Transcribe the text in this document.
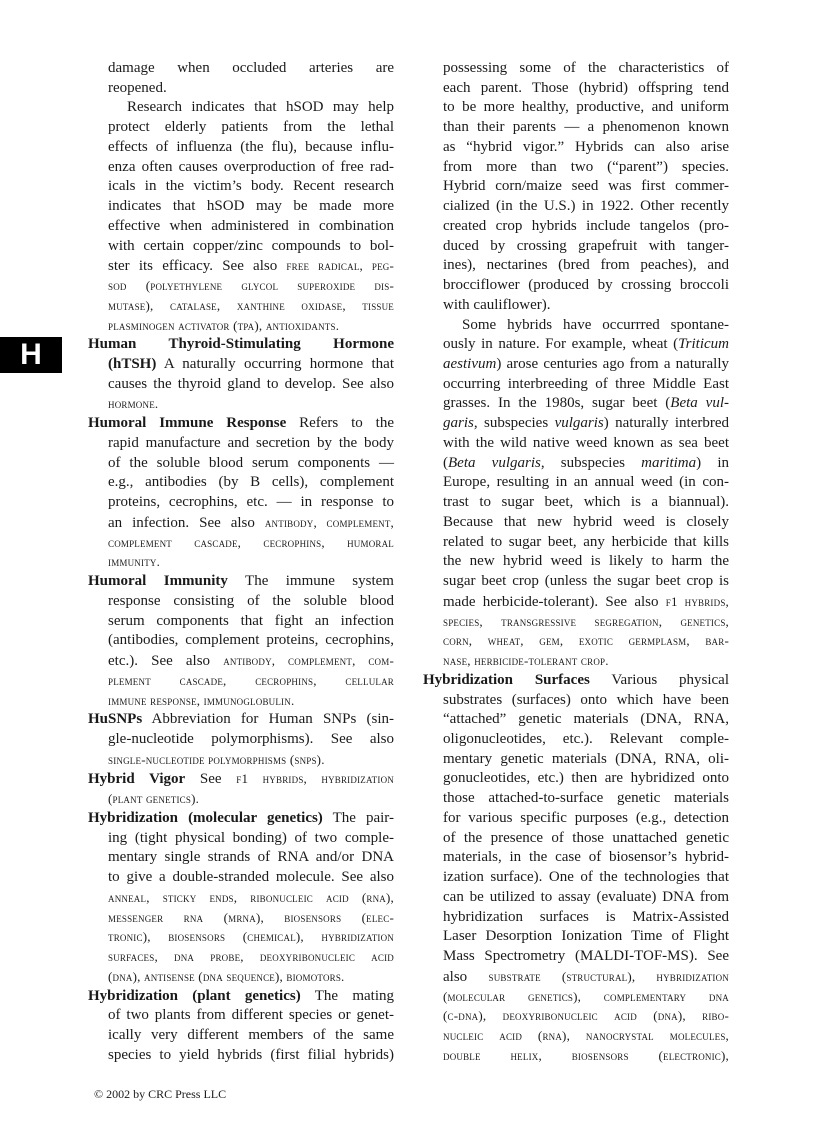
H
damage when occluded arteries are
reopened.
Research indicates that hSOD may help
protect elderly patients from the lethal
effects of influenza (the flu), because influ-
enza often causes overproduction of free rad-
icals in the victim’s body. Recent research
indicates that hSOD may be made more
effective when administered in combination
with certain copper/zinc compounds to bol-
ster its efficacy. See also free radical, peg-
sod (polyethylene glycol superoxide dis-
mutase), catalase, xanthine oxidase, tissue
plasminogen activator (tpa), antioxidants.
Human Thyroid-Stimulating Hormone
(hTSH) A naturally occurring hormone that
causes the thyroid gland to develop. See also
hormone.
Humoral Immune Response Refers to the
rapid manufacture and secretion by the body
of the soluble blood serum components —
e.g., antibodies (by B cells), complement
proteins, cecrophins, etc. — in response to
an infection. See also antibody, complement,
complement cascade, cecrophins, humoral
immunity.
Humoral Immunity The immune system
response consisting of the soluble blood
serum components that fight an infection
(antibodies, complement proteins, cecrophins,
etc.). See also antibody, complement, com-
plement cascade, cecrophins, cellular
immune response, immunoglobulin.
HuSNPs Abbreviation for Human SNPs (sin-
gle-nucleotide polymorphisms). See also
single-nucleotide polymorphisms (snps).
Hybrid Vigor See f1 hybrids, hybridization
(plant genetics).
Hybridization (molecular genetics) The pair-
ing (tight physical bonding) of two comple-
mentary single strands of RNA and/or DNA
to give a double-stranded molecule. See also
anneal, sticky ends, ribonucleic acid (rna),
messenger rna (mrna), biosensors (elec-
tronic), biosensors (chemical), hybridization
surfaces, dna probe, deoxyribonucleic acid
(dna), antisense (dna sequence), biomotors.
Hybridization (plant genetics) The mating
of two plants from different species or genet-
ically very different members of the same
species to yield hybrids (first filial hybrids)
possessing some of the characteristics of
each parent. Those (hybrid) offspring tend
to be more healthy, productive, and uniform
than their parents — a phenomenon known
as “hybrid vigor.” Hybrids can also arise
from more than two (“parent”) species.
Hybrid corn/maize seed was first commer-
cialized (in the U.S.) in 1922. Other recently
created crop hybrids include tangelos (pro-
duced by crossing grapefruit with tanger-
ines), nectarines (bred from peaches), and
brocciflower (produced by crossing broccoli
with cauliflower).
Some hybrids have occurrred spontane-
ously in nature. For example, wheat (Triticum
aestivum) arose centuries ago from a naturally
occurring interbreeding of three Middle East
grasses. In the 1980s, sugar beet (Beta vul-
garis, subspecies vulgaris) naturally interbred
with the wild native weed known as sea beet
(Beta vulgaris, subspecies maritima) in
Europe, resulting in an annual weed (in con-
trast to sugar beet, which is a biannual).
Because that new hybrid weed is closely
related to sugar beet, any herbicide that kills
the new hybrid weed is likely to harm the
sugar beet crop (unless the sugar beet crop is
made herbicide-tolerant). See also f1 hybrids,
species, transgressive segregation, genetics,
corn, wheat, gem, exotic germplasm, bar-
nase, herbicide-tolerant crop.
Hybridization Surfaces Various physical
substrates (surfaces) onto which have been
“attached” genetic materials (DNA, RNA,
oligonucleotides, etc.). Relevant comple-
mentary genetic materials (DNA, RNA, oli-
gonucleotides, etc.) then are hybridized onto
those attached-to-surface genetic materials
for various specific purposes (e.g., detection
of the presence of those unattached genetic
materials, in the case of biosensor’s hybrid-
ization surface). One of the technologies that
can be utilized to assay (evaluate) DNA from
hybridization surfaces is Matrix-Assisted
Laser Desorption Ionization Time of Flight
Mass Spectrometry (MALDI-TOF-MS). See
also substrate (structural), hybridization
(molecular genetics), complementary dna
(c-dna), deoxyribonucleic acid (dna), ribo-
nucleic acid (rna), nanocrystal molecules,
double helix, biosensors (electronic),
© 2002 by CRC Press LLC
